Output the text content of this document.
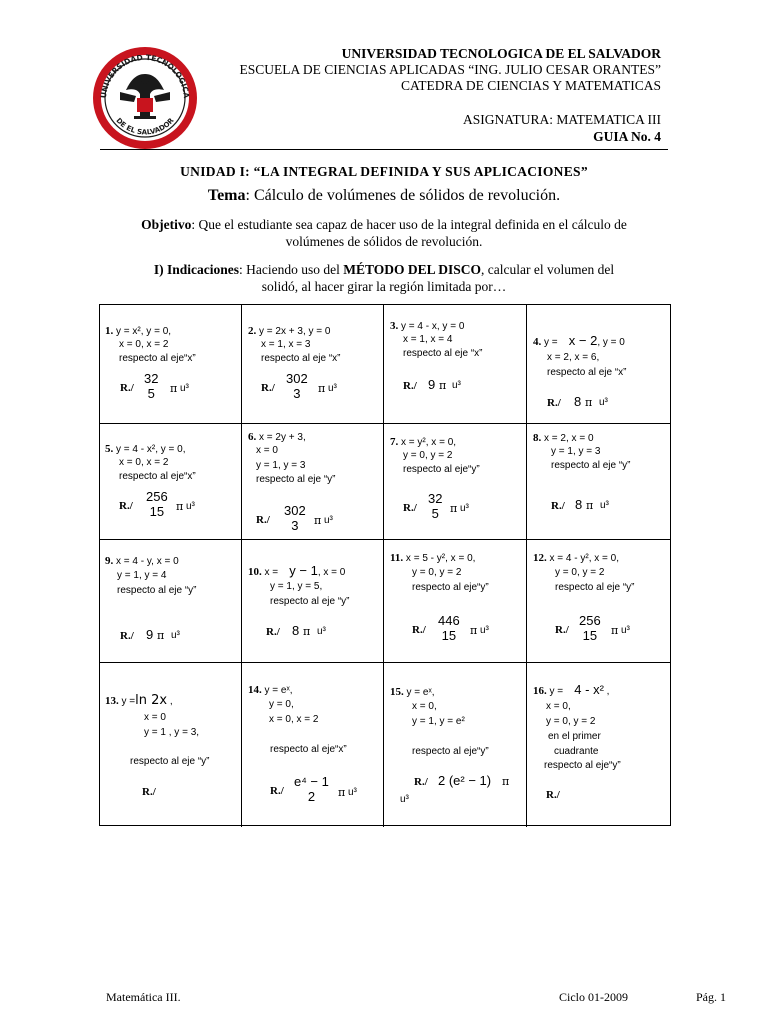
UNIVERSIDAD TECNOLOGICA
DE EL SALVADOR
UNIVERSIDAD TECNOLOGICA DE EL SALVADOR
ESCUELA DE CIENCIAS APLICADAS “ING. JULIO CESAR ORANTES”
CATEDRA DE CIENCIAS Y MATEMATICAS
ASIGNATURA: MATEMATICA III
GUIA No. 4
UNIDAD I: “LA INTEGRAL DEFINIDA Y SUS APLICACIONES”
Tema: Cálculo de volúmenes de sólidos de revolución.
Objetivo: Que el estudiante sea capaz de hacer uso de la integral definida en el cálculo de
volúmenes de sólidos de revolución.
I) Indicaciones: Haciendo uso del MÉTODO DEL DISCO, calcular el volumen del
solidó, al hacer girar la región limitada por…
1. y = x², y = 0,
x = 0, x = 2
respecto al eje“x”
R./
32
5	π u³
2. y = 2x + 3, y = 0
x = 1, x = 3
respecto al eje “x”
R./
302
3	π u³
3. y = 4 - x, y = 0
x = 1, x = 4
respecto al eje “x”
R./ 9 π u³
4. y = x − 2, y = 0
x = 2, x = 6,
respecto al eje “x”
R./ 8 π u³
5. y = 4 - x², y = 0,
x = 0, x = 2
respecto al eje“x”
R./
256
15	π u³
6. x = 2y + 3,
x = 0
y = 1, y = 3
respecto al eje “y”
R./
302
3	π u³
7. x = y², x = 0,
y = 0, y = 2
respecto al eje“y”
R./
32
5	π u³
8. x = 2, x = 0
y = 1, y = 3
respecto al eje “y”
R./ 8 π u³
9. x = 4 - y, x = 0
y = 1, y = 4
respecto al eje “y”
R./ 9 π u³
10. x = y − 1, x = 0
y = 1, y = 5,
respecto al eje “y”
R./ 8 π u³
11. x = 5 - y², x = 0,
y = 0, y = 2
respecto al eje“y”
R./
446
15	π u³
12. x = 4 - y², x = 0,
y = 0, y = 2
respecto al eje “y”
R./
256
15	π u³
13. y =ln 2x ,
x = 0
y = 1 , y = 3,
respecto al eje “y”
R./
14. y = eˣ,
y = 0,
x = 0, x = 2
respecto al eje“x”
R./
e⁴ − 1
2	π u³
15. y = eˣ,
x = 0,
y = 1, y = e²
respecto al eje“y”
R./ 2 (e² − 1) π
u³
16. y = 4 - x² ,
x = 0,
y = 0, y = 2
en el primer
cuadrante
respecto al eje“y”
R./
Matemática III.	Ciclo 01-2009	Pág. 1
